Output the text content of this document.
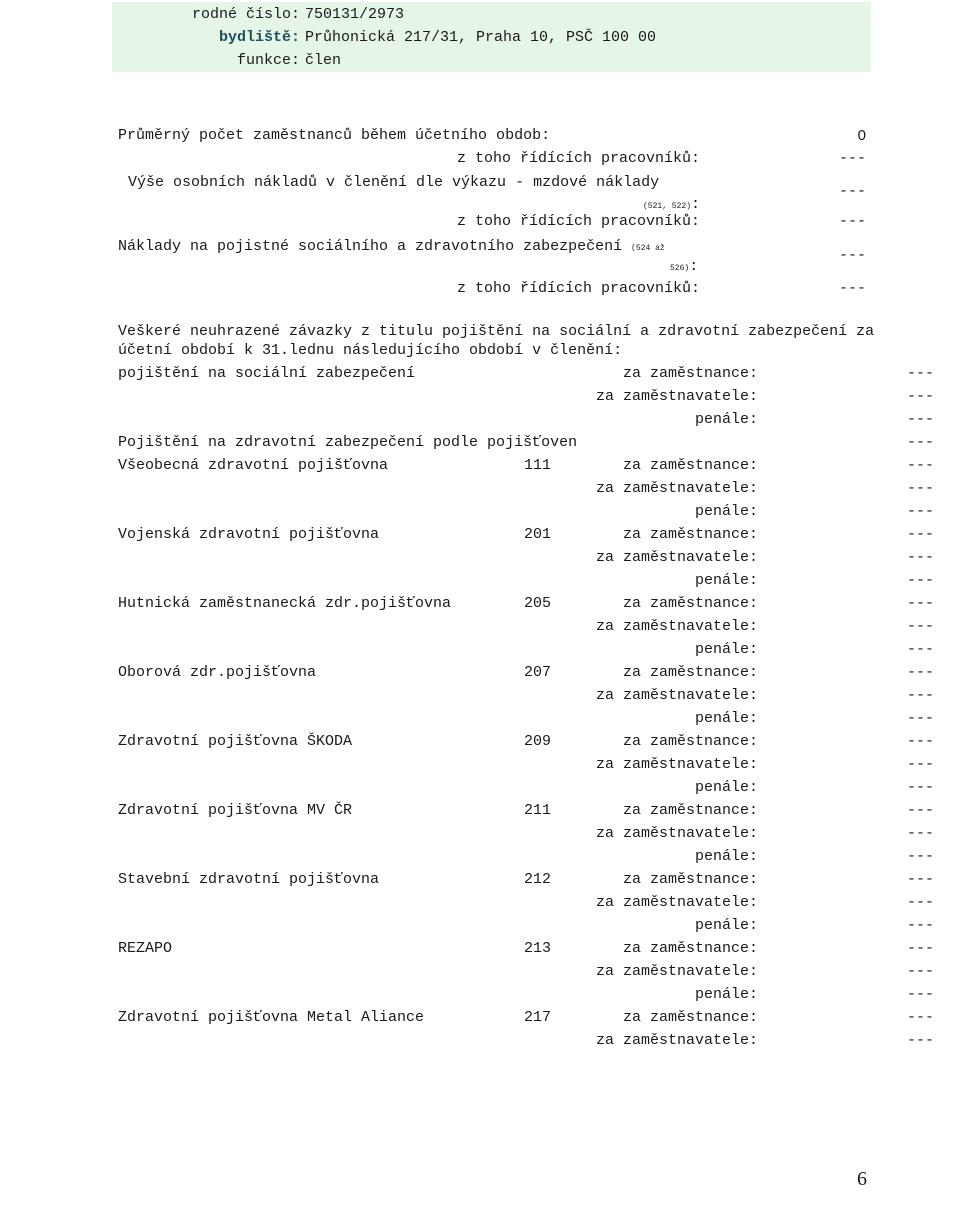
rodné číslo: 750131/2973
bydliště: Průhonická 217/31, Praha 10, PSČ 100 00
funkce: člen
Průměrný počet zaměstnanců během účetního obdob:	0
z toho řídících pracovníků:	---
Výše osobních nákladů v členění dle výkazu - mzdové náklady
(521, 522):
---
z toho řídících pracovníků:	---
Náklady na pojistné sociálního a zdravotního zabezpečení (524 až
526):
---
z toho řídících pracovníků:	---
Veškeré neuhrazené závazky z titulu pojištění na sociální a zdravotní zabezpečení za
účetní období k 31.lednu následujícího období v členění:
pojištění na sociální zabezpečení	za zaměstnance:	---
za zaměstnavatele:	---
penále:	---
Pojištění na zdravotní zabezpečení podle pojišťoven	---
Všeobecná zdravotní pojišťovna	111	za zaměstnance:	---
za zaměstnavatele:	---
penále:	---
Vojenská zdravotní pojišťovna	201	za zaměstnance:	---
za zaměstnavatele:	---
penále:	---
Hutnická zaměstnanecká zdr.pojišťovna	205	za zaměstnance:	---
za zaměstnavatele:	---
penále:	---
Oborová zdr.pojišťovna	207	za zaměstnance:	---
za zaměstnavatele:	---
penále:	---
Zdravotní pojišťovna ŠKODA	209	za zaměstnance:	---
za zaměstnavatele:	---
penále:	---
Zdravotní pojišťovna MV ČR	211	za zaměstnance:	---
za zaměstnavatele:	---
penále:	---
Stavební zdravotní pojišťovna	212	za zaměstnance:	---
za zaměstnavatele:	---
penále:	---
REZAPO	213	za zaměstnance:	---
za zaměstnavatele:	---
penále:	---
Zdravotní pojišťovna Metal Aliance	217	za zaměstnance:	---
za zaměstnavatele:	---
6
